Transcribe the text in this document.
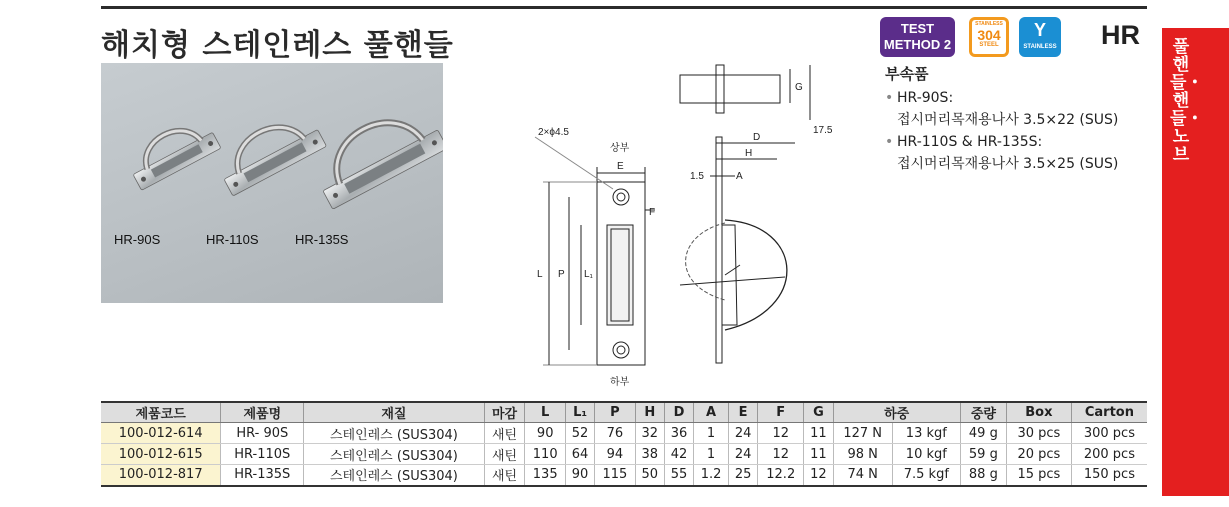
해치형 스테인레스 풀핸들	TEST
METHOD 2
STAINLESS
304
STEEL
Y
STAINLESS HR 풀핸들・핸들・노브
HR-90S	HR-110S	HR-135S
2×ϕ4.5
상부
하부
E
F
L P L₁
D
H
1.5	A
G
17.5
부속품
• HR-90S:
접시머리목재용나사 3.5×22 (SUS)
• HR-110S & HR-135S:
접시머리목재용나사 3.5×25 (SUS)
제품코드	제품명	재질	마감	L	L₁	P	H	D	A	E	F	G	하중		중량	Box	Carton
100-012-614	HR- 90S	스테인레스 (SUS304)	새틴	90	52	76	32	36	1	24	12	11	127 N	13 kgf	49 g	30 pcs	300 pcs
100-012-615	HR-110S	스테인레스 (SUS304)	새틴	110	64	94	38	42	1	24	12	11	98 N	10 kgf	59 g	20 pcs	200 pcs
100-012-817	HR-135S	스테인레스 (SUS304)	새틴	135	90	115	50	55	1.2	25	12.2	12	74 N	7.5 kgf	88 g	15 pcs	150 pcs
